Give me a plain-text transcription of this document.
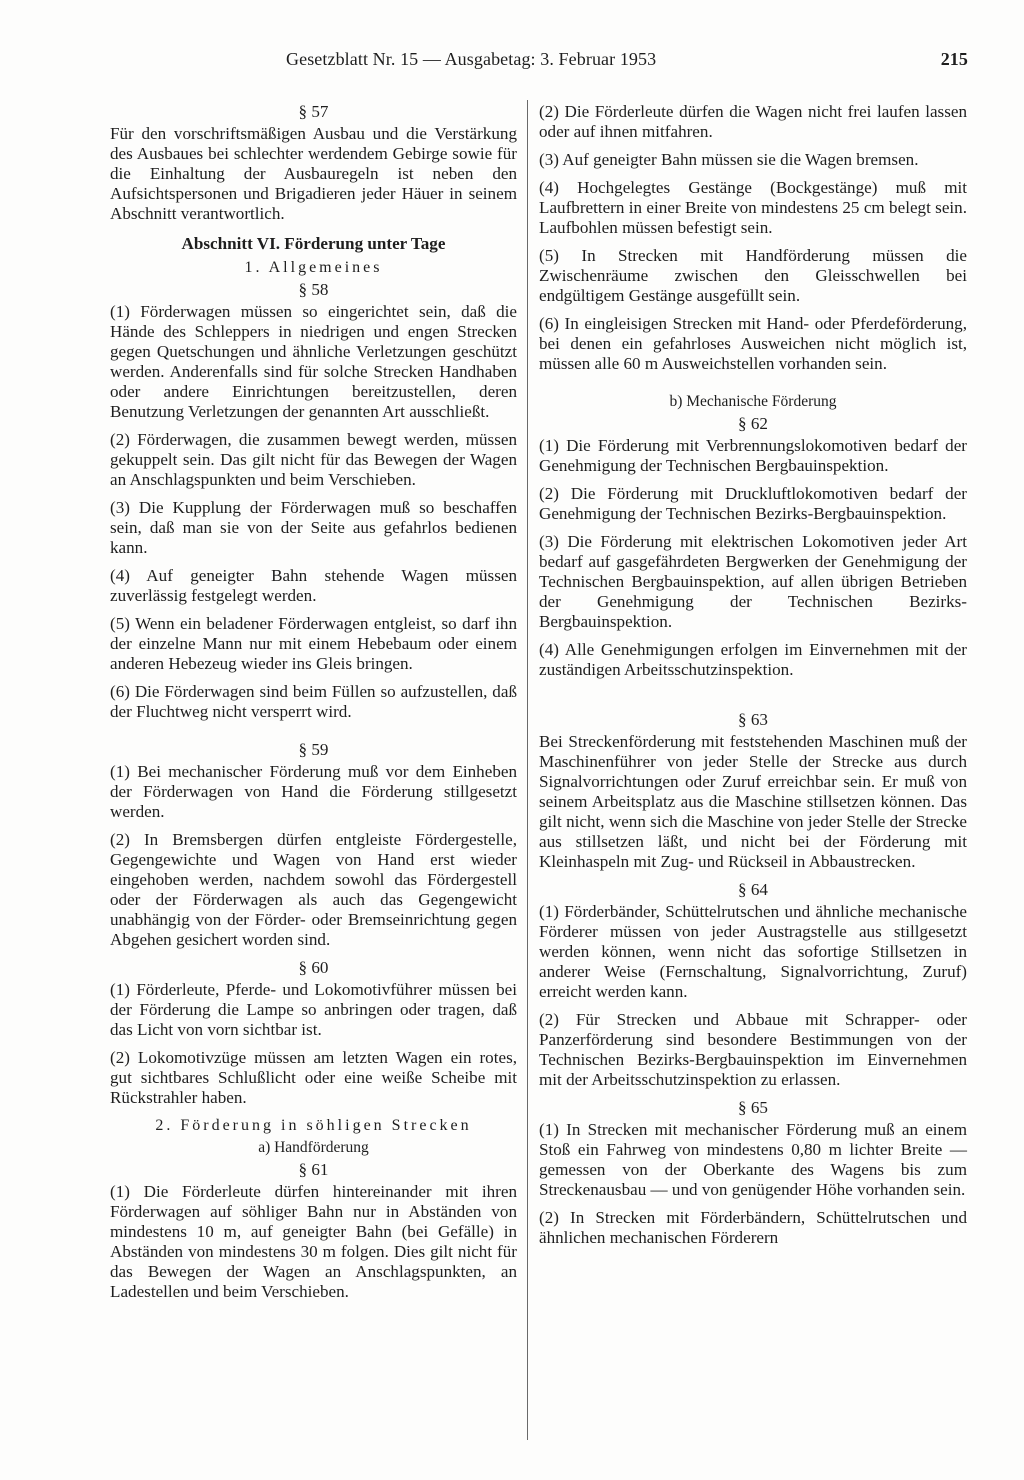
Gesetzblatt Nr. 15 — Ausgabetag: 3. Februar 1953	215
§ 57

Für den vorschriftsmäßigen Ausbau und die Verstärkung des Ausbaues bei schlechter werdendem Gebirge sowie für die Einhaltung der Ausbauregeln ist neben den Aufsichtspersonen und Brigadieren jeder Häuer in seinem Abschnitt verantwortlich.

Abschnitt VI. Förderung unter Tage
1. Allgemeines
§ 58

(1) Förderwagen müssen so eingerichtet sein, daß die Hände des Schleppers in niedrigen und engen Strecken gegen Quetschungen und ähnliche Verletzungen geschützt werden. Anderenfalls sind für solche Strecken Handhaben oder andere Einrichtungen bereitzustellen, deren Benutzung Verletzungen der genannten Art ausschließt.

(2) Förderwagen, die zusammen bewegt werden, müssen gekuppelt sein. Das gilt nicht für das Bewegen der Wagen an Anschlagspunkten und beim Verschieben.

(3) Die Kupplung der Förderwagen muß so beschaffen sein, daß man sie von der Seite aus gefahrlos bedienen kann.

(4) Auf geneigter Bahn stehende Wagen müssen zuverlässig festgelegt werden.

(5) Wenn ein beladener Förderwagen entgleist, so darf ihn der einzelne Mann nur mit einem Hebebaum oder einem anderen Hebezeug wieder ins Gleis bringen.

(6) Die Förderwagen sind beim Füllen so aufzustellen, daß der Fluchtweg nicht versperrt wird.

§ 59

(1) Bei mechanischer Förderung muß vor dem Einheben der Förderwagen von Hand die Förderung stillgesetzt werden.

(2) In Bremsbergen dürfen entgleiste Fördergestelle, Gegengewichte und Wagen von Hand erst wieder eingehoben werden, nachdem sowohl das Fördergestell oder der Förderwagen als auch das Gegengewicht unabhängig von der Förder- oder Bremseinrichtung gegen Abgehen gesichert worden sind.

§ 60

(1) Förderleute, Pferde- und Lokomotivführer müssen bei der Förderung die Lampe so anbringen oder tragen, daß das Licht von vorn sichtbar ist.

(2) Lokomotivzüge müssen am letzten Wagen ein rotes, gut sichtbares Schlußlicht oder eine weiße Scheibe mit Rückstrahler haben.

2. Förderung in söhligen Strecken
a) Handförderung
§ 61

(1) Die Förderleute dürfen hintereinander mit ihren Förderwagen auf söhliger Bahn nur in Abständen von mindestens 10 m, auf geneigter Bahn (bei Gefälle) in Abständen von mindestens 30 m folgen. Dies gilt nicht für das Bewegen der Wagen an Anschlagspunkten, an Ladestellen und beim Verschieben.

(2) Die Förderleute dürfen die Wagen nicht frei laufen lassen oder auf ihnen mitfahren.

(3) Auf geneigter Bahn müssen sie die Wagen bremsen.

(4) Hochgelegtes Gestänge (Bockgestänge) muß mit Laufbrettern in einer Breite von mindestens 25 cm belegt sein. Laufbohlen müssen befestigt sein.

(5) In Strecken mit Handförderung müssen die Zwischenräume zwischen den Gleisschwellen bei endgültigem Gestänge ausgefüllt sein.

(6) In eingleisigen Strecken mit Hand- oder Pferdeförderung, bei denen ein gefahrloses Ausweichen nicht möglich ist, müssen alle 60 m Ausweichstellen vorhanden sein.

b) Mechanische Förderung
§ 62

(1) Die Förderung mit Verbrennungslokomotiven bedarf der Genehmigung der Technischen Bergbauinspektion.

(2) Die Förderung mit Druckluftlokomotiven bedarf der Genehmigung der Technischen Bezirks-Bergbauinspektion.

(3) Die Förderung mit elektrischen Lokomotiven jeder Art bedarf auf gasgefährdeten Bergwerken der Genehmigung der Technischen Bergbauinspektion, auf allen übrigen Betrieben der Genehmigung der Technischen Bezirks-Bergbauinspektion.

(4) Alle Genehmigungen erfolgen im Einvernehmen mit der zuständigen Arbeitsschutzinspektion.

§ 63

Bei Streckenförderung mit feststehenden Maschinen muß der Maschinenführer von jeder Stelle der Strecke aus durch Signalvorrichtungen oder Zuruf erreichbar sein. Er muß von seinem Arbeitsplatz aus die Maschine stillsetzen können. Das gilt nicht, wenn sich die Maschine von jeder Stelle der Strecke aus stillsetzen läßt, und nicht bei der Förderung mit Kleinhaspeln mit Zug- und Rückseil in Abbaustrecken.

§ 64

(1) Förderbänder, Schüttelrutschen und ähnliche mechanische Förderer müssen von jeder Austragstelle aus stillgesetzt werden können, wenn nicht das sofortige Stillsetzen in anderer Weise (Fernschaltung, Signalvorrichtung, Zuruf) erreicht werden kann.

(2) Für Strecken und Abbaue mit Schrapper- oder Panzerförderung sind besondere Bestimmungen von der Technischen Bezirks-Bergbauinspektion im Einvernehmen mit der Arbeitsschutzinspektion zu erlassen.

§ 65

(1) In Strecken mit mechanischer Förderung muß an einem Stoß ein Fahrweg von mindestens 0,80 m lichter Breite — gemessen von der Oberkante des Wagens bis zum Streckenausbau — und von genügender Höhe vorhanden sein.

(2) In Strecken mit Förderbändern, Schüttelrutschen und ähnlichen mechanischen Förderern
